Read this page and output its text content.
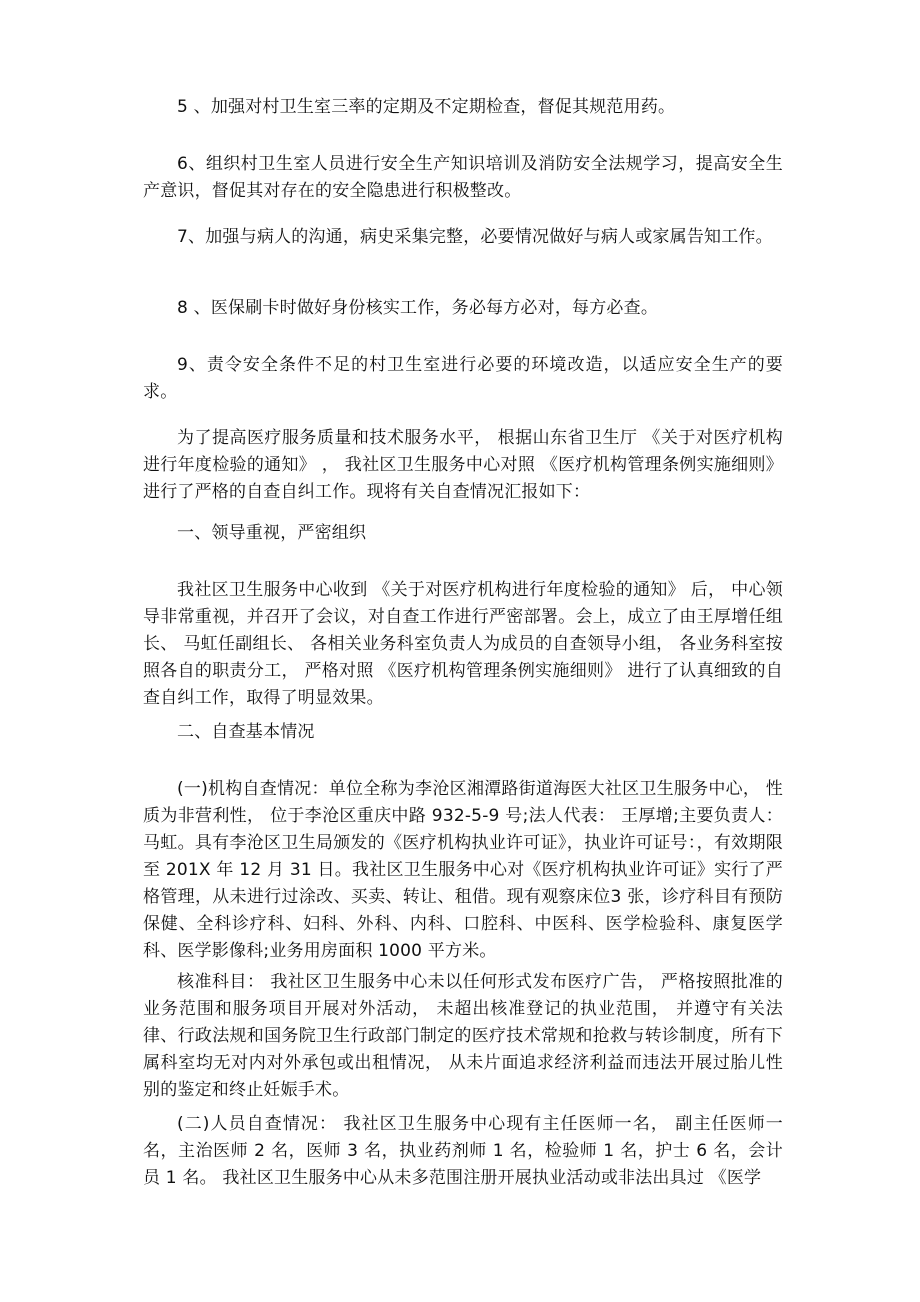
5 、加强对村卫生室三率的定期及不定期检查，督促其规范用药。

6、组织村卫生室人员进行安全生产知识培训及消防安全法规学习，提高安全生产意识，督促其对存在的安全隐患进行积极整改。

7、加强与病人的沟通，病史采集完整，必要情况做好与病人或家属告知工作。

8 、医保刷卡时做好身份核实工作，务必每方必对，每方必查。

9、责令安全条件不足的村卫生室进行必要的环境改造，以适应安全生产的要求。

为了提高医疗服务质量和技术服务水平， 根据山东省卫生厅 《关于对医疗机构进行年度检验的通知》 ， 我社区卫生服务中心对照 《医疗机构管理条例实施细则》进行了严格的自查自纠工作。现将有关自查情况汇报如下：

一、领导重视，严密组织

我社区卫生服务中心收到 《关于对医疗机构进行年度检验的通知》 后， 中心领导非常重视，并召开了会议，对自查工作进行严密部署。会上，成立了由王厚增任组长、 马虹任副组长、 各相关业务科室负责人为成员的自查领导小组， 各业务科室按照各自的职责分工， 严格对照 《医疗机构管理条例实施细则》 进行了认真细致的自查自纠工作，取得了明显效果。

二、自查基本情况

(一)机构自查情况：单位全称为李沧区湘潭路街道海医大社区卫生服务中心， 性质为非营利性， 位于李沧区重庆中路 932-5-9 号;法人代表： 王厚增;主要负责人：马虹。具有李沧区卫生局颁发的《医疗机构执业许可证》，执业许可证号：，有效期限至 201X 年 12 月 31 日。我社区卫生服务中心对《医疗机构执业许可证》实行了严格管理，从未进行过涂改、买卖、转让、租借。现有观察床位3 张，诊疗科目有预防保健、全科诊疗科、妇科、外科、内科、口腔科、中医科、医学检验科、康复医学科、医学影像科;业务用房面积 1000 平方米。

核准科目： 我社区卫生服务中心未以任何形式发布医疗广告， 严格按照批准的业务范围和服务项目开展对外活动， 未超出核准登记的执业范围， 并遵守有关法律、行政法规和国务院卫生行政部门制定的医疗技术常规和抢救与转诊制度，所有下属科室均无对内对外承包或出租情况， 从未片面追求经济利益而违法开展过胎儿性别的鉴定和终止妊娠手术。

(二)人员自查情况： 我社区卫生服务中心现有主任医师一名， 副主任医师一名，主治医师 2 名，医师 3 名，执业药剂师 1 名，检验师 1 名，护士 6 名，会计员 1 名。 我社区卫生服务中心从未多范围注册开展执业活动或非法出具过 《医学
